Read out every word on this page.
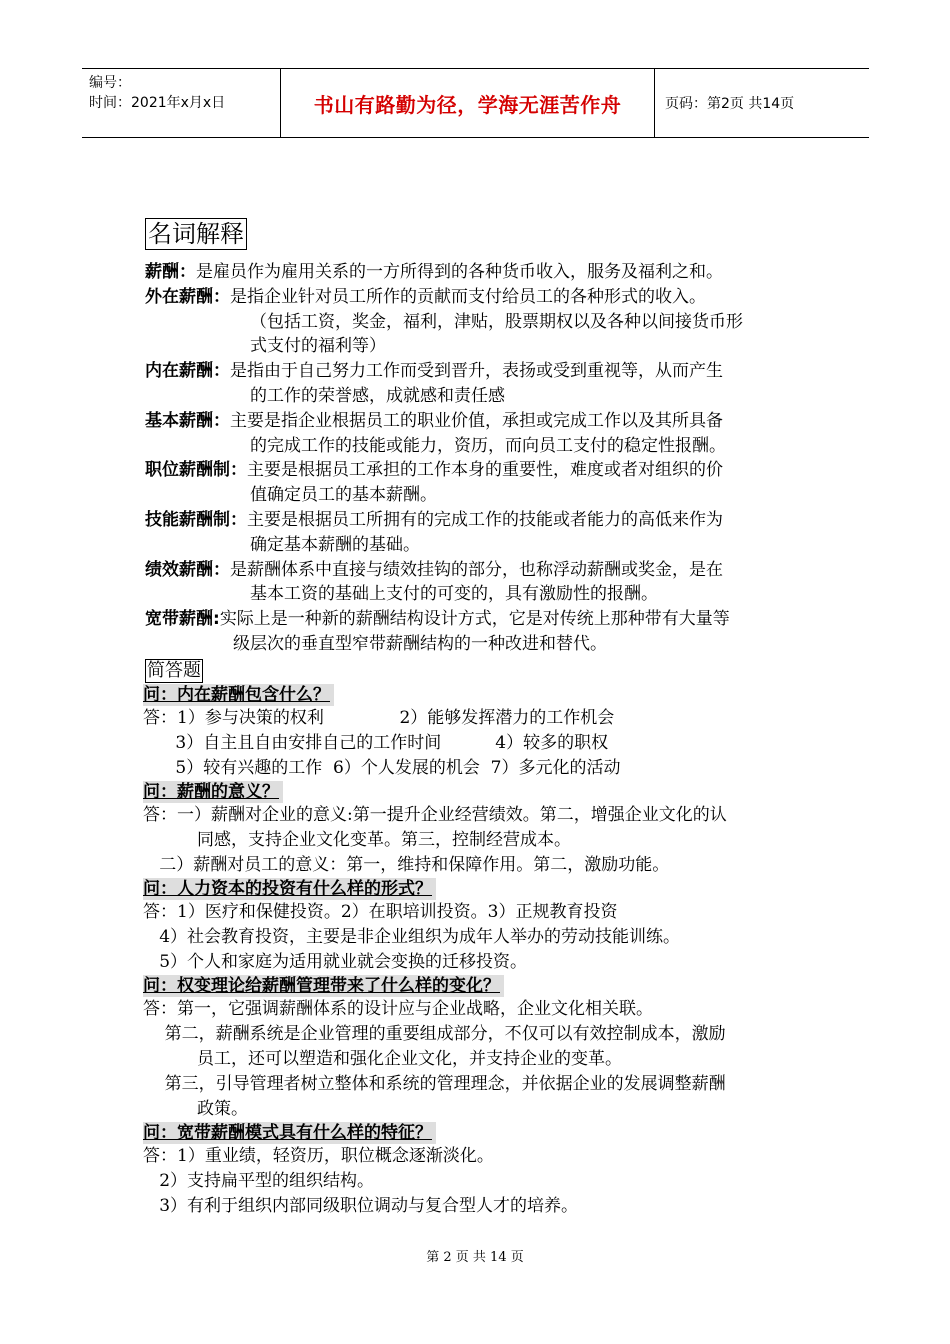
编号：
时间：2021年x月x日	书山有路勤为径，学海无涯苦作舟	页码：第2页 共14页
名词解释
薪酬：是雇员作为雇用关系的一方所得到的各种货币收入，服务及福利之和。
外在薪酬：是指企业针对员工所作的贡献而支付给员工的各种形式的收入。
（包括工资，奖金，福利，津贴，股票期权以及各种以间接货币形
式支付的福利等）
内在薪酬：是指由于自己努力工作而受到晋升，表扬或受到重视等，从而产生
的工作的荣誉感，成就感和责任感
基本薪酬：主要是指企业根据员工的职业价值，承担或完成工作以及其所具备
的完成工作的技能或能力，资历，而向员工支付的稳定性报酬。
职位薪酬制：主要是根据员工承担的工作本身的重要性，难度或者对组织的价
值确定员工的基本薪酬。
技能薪酬制：主要是根据员工所拥有的完成工作的技能或者能力的高低来作为
确定基本薪酬的基础。
绩效薪酬：是薪酬体系中直接与绩效挂钩的部分，也称浮动薪酬或奖金，是在
基本工资的基础上支付的可变的，具有激励性的报酬。
宽带薪酬:实际上是一种新的薪酬结构设计方式，它是对传统上那种带有大量等
级层次的垂直型窄带薪酬结构的一种改进和替代。
简答题
问：内在薪酬包含什么？
答：1）参与决策的权利              2）能够发挥潜力的工作机会
3）自主且自由安排自己的工作时间          4）较多的职权
5）较有兴趣的工作  6）个人发展的机会  7）多元化的活动
问：薪酬的意义？
答：一）薪酬对企业的意义:第一提升企业经营绩效。第二，增强企业文化的认
同感，支持企业文化变革。第三，控制经营成本。
二）薪酬对员工的意义：第一，维持和保障作用。第二，激励功能。
问：人力资本的投资有什么样的形式？
答：1）医疗和保健投资。2）在职培训投资。3）正规教育投资
4）社会教育投资，主要是非企业组织为成年人举办的劳动技能训练。
5）个人和家庭为适用就业就会变换的迁移投资。
问：权变理论给薪酬管理带来了什么样的变化？
答：第一，它强调薪酬体系的设计应与企业战略，企业文化相关联。
第二，薪酬系统是企业管理的重要组成部分，不仅可以有效控制成本，激励
员工，还可以塑造和强化企业文化，并支持企业的变革。
第三，引导管理者树立整体和系统的管理理念，并依据企业的发展调整薪酬
政策。
问：宽带薪酬模式具有什么样的特征？
答：1）重业绩，轻资历，职位概念逐渐淡化。
2）支持扁平型的组织结构。
3）有利于组织内部同级职位调动与复合型人才的培养。
第 2 页 共 14 页
